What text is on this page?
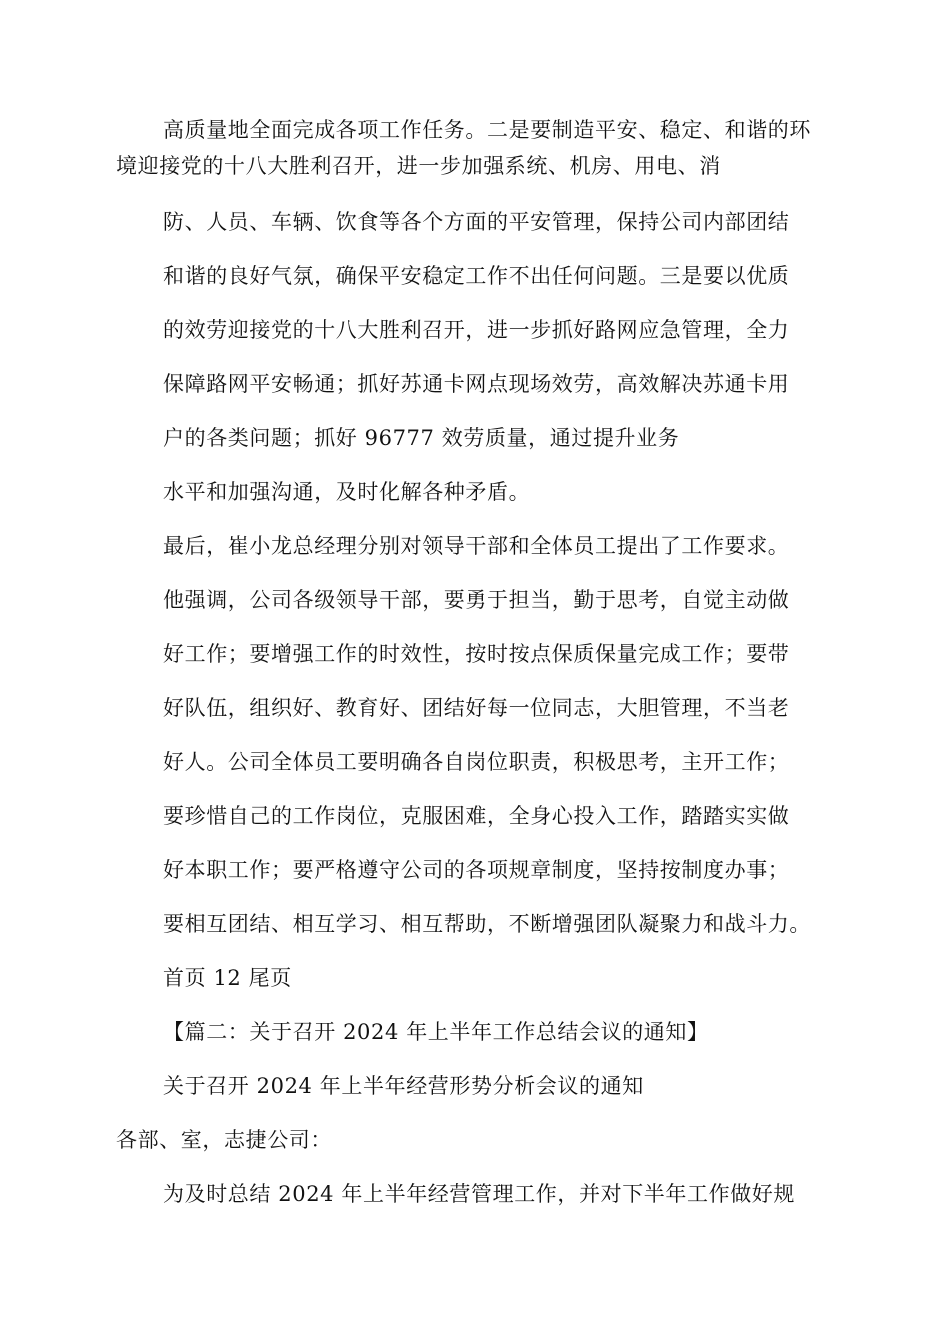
高质量地全面完成各项工作任务。二是要制造平安、稳定、和谐的环

境迎接党的十八大胜利召开，进一步加强系统、机房、用电、消

防、人员、车辆、饮食等各个方面的平安管理，保持公司内部团结

和谐的良好气氛，确保平安稳定工作不出任何问题。三是要以优质

的效劳迎接党的十八大胜利召开，进一步抓好路网应急管理，全力

保障路网平安畅通；抓好苏通卡网点现场效劳，高效解决苏通卡用

户的各类问题；抓好 96777 效劳质量，通过提升业务

水平和加强沟通，及时化解各种矛盾。

最后，崔小龙总经理分别对领导干部和全体员工提出了工作要求。

他强调，公司各级领导干部，要勇于担当，勤于思考，自觉主动做

好工作；要增强工作的时效性，按时按点保质保量完成工作；要带

好队伍，组织好、教育好、团结好每一位同志，大胆管理，不当老

好人。公司全体员工要明确各自岗位职责，积极思考，主开工作；

要珍惜自己的工作岗位，克服困难，全身心投入工作，踏踏实实做

好本职工作；要严格遵守公司的各项规章制度，坚持按制度办事；

要相互团结、相互学习、相互帮助，不断增强团队凝聚力和战斗力。

首页 12 尾页

【篇二：关于召开 2024 年上半年工作总结会议的通知】

关于召开 2024 年上半年经营形势分析会议的通知

各部、室，志捷公司：

为及时总结 2024 年上半年经营管理工作，并对下半年工作做好规
